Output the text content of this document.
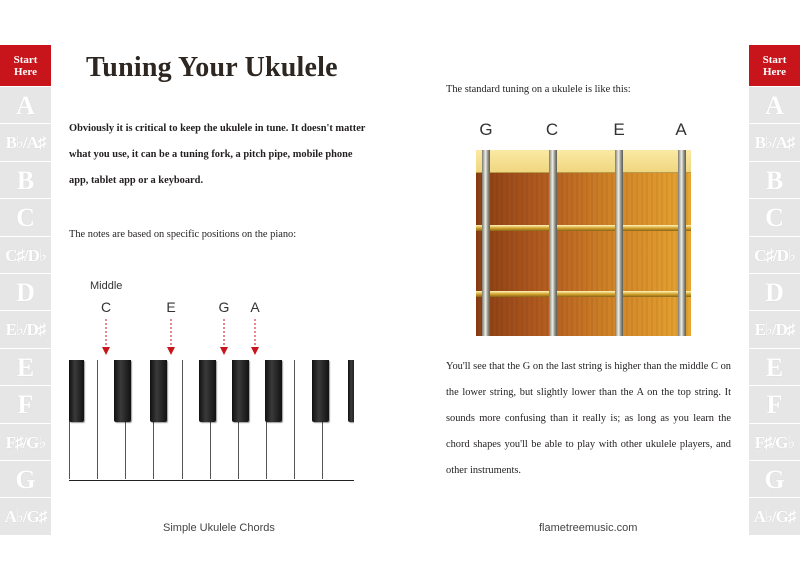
Start
Here
A
B♭/A♯
B
C
C♯/D♭
D
E♭/D♯
E
F
F♯/G♭
G
A♭/G♯
Start
Here
A
B♭/A♯
B
C
C♯/D♭
D
E♭/D♯
E
F
F♯/G♭
G
A♭/G♯
Tuning Your Ukulele
Obviously it is critical to keep the ukulele in tune. It doesn't matter what you use, it can be a tuning fork, a pitch pipe, mobile phone app, tablet app or a keyboard.
The notes are based on specific positions on the piano:
Middle
C	E	G A
Simple Ukulele Chords
The standard tuning on a ukulele is like this:
G	C	E	A
You'll see that the G on the last string is higher than the middle C on the lower string, but slightly lower than the A on the top string. It sounds more confusing than it really is; as long as you learn the chord shapes you'll be able to play with other ukulele players, and other instruments.
flametreemusic.com
